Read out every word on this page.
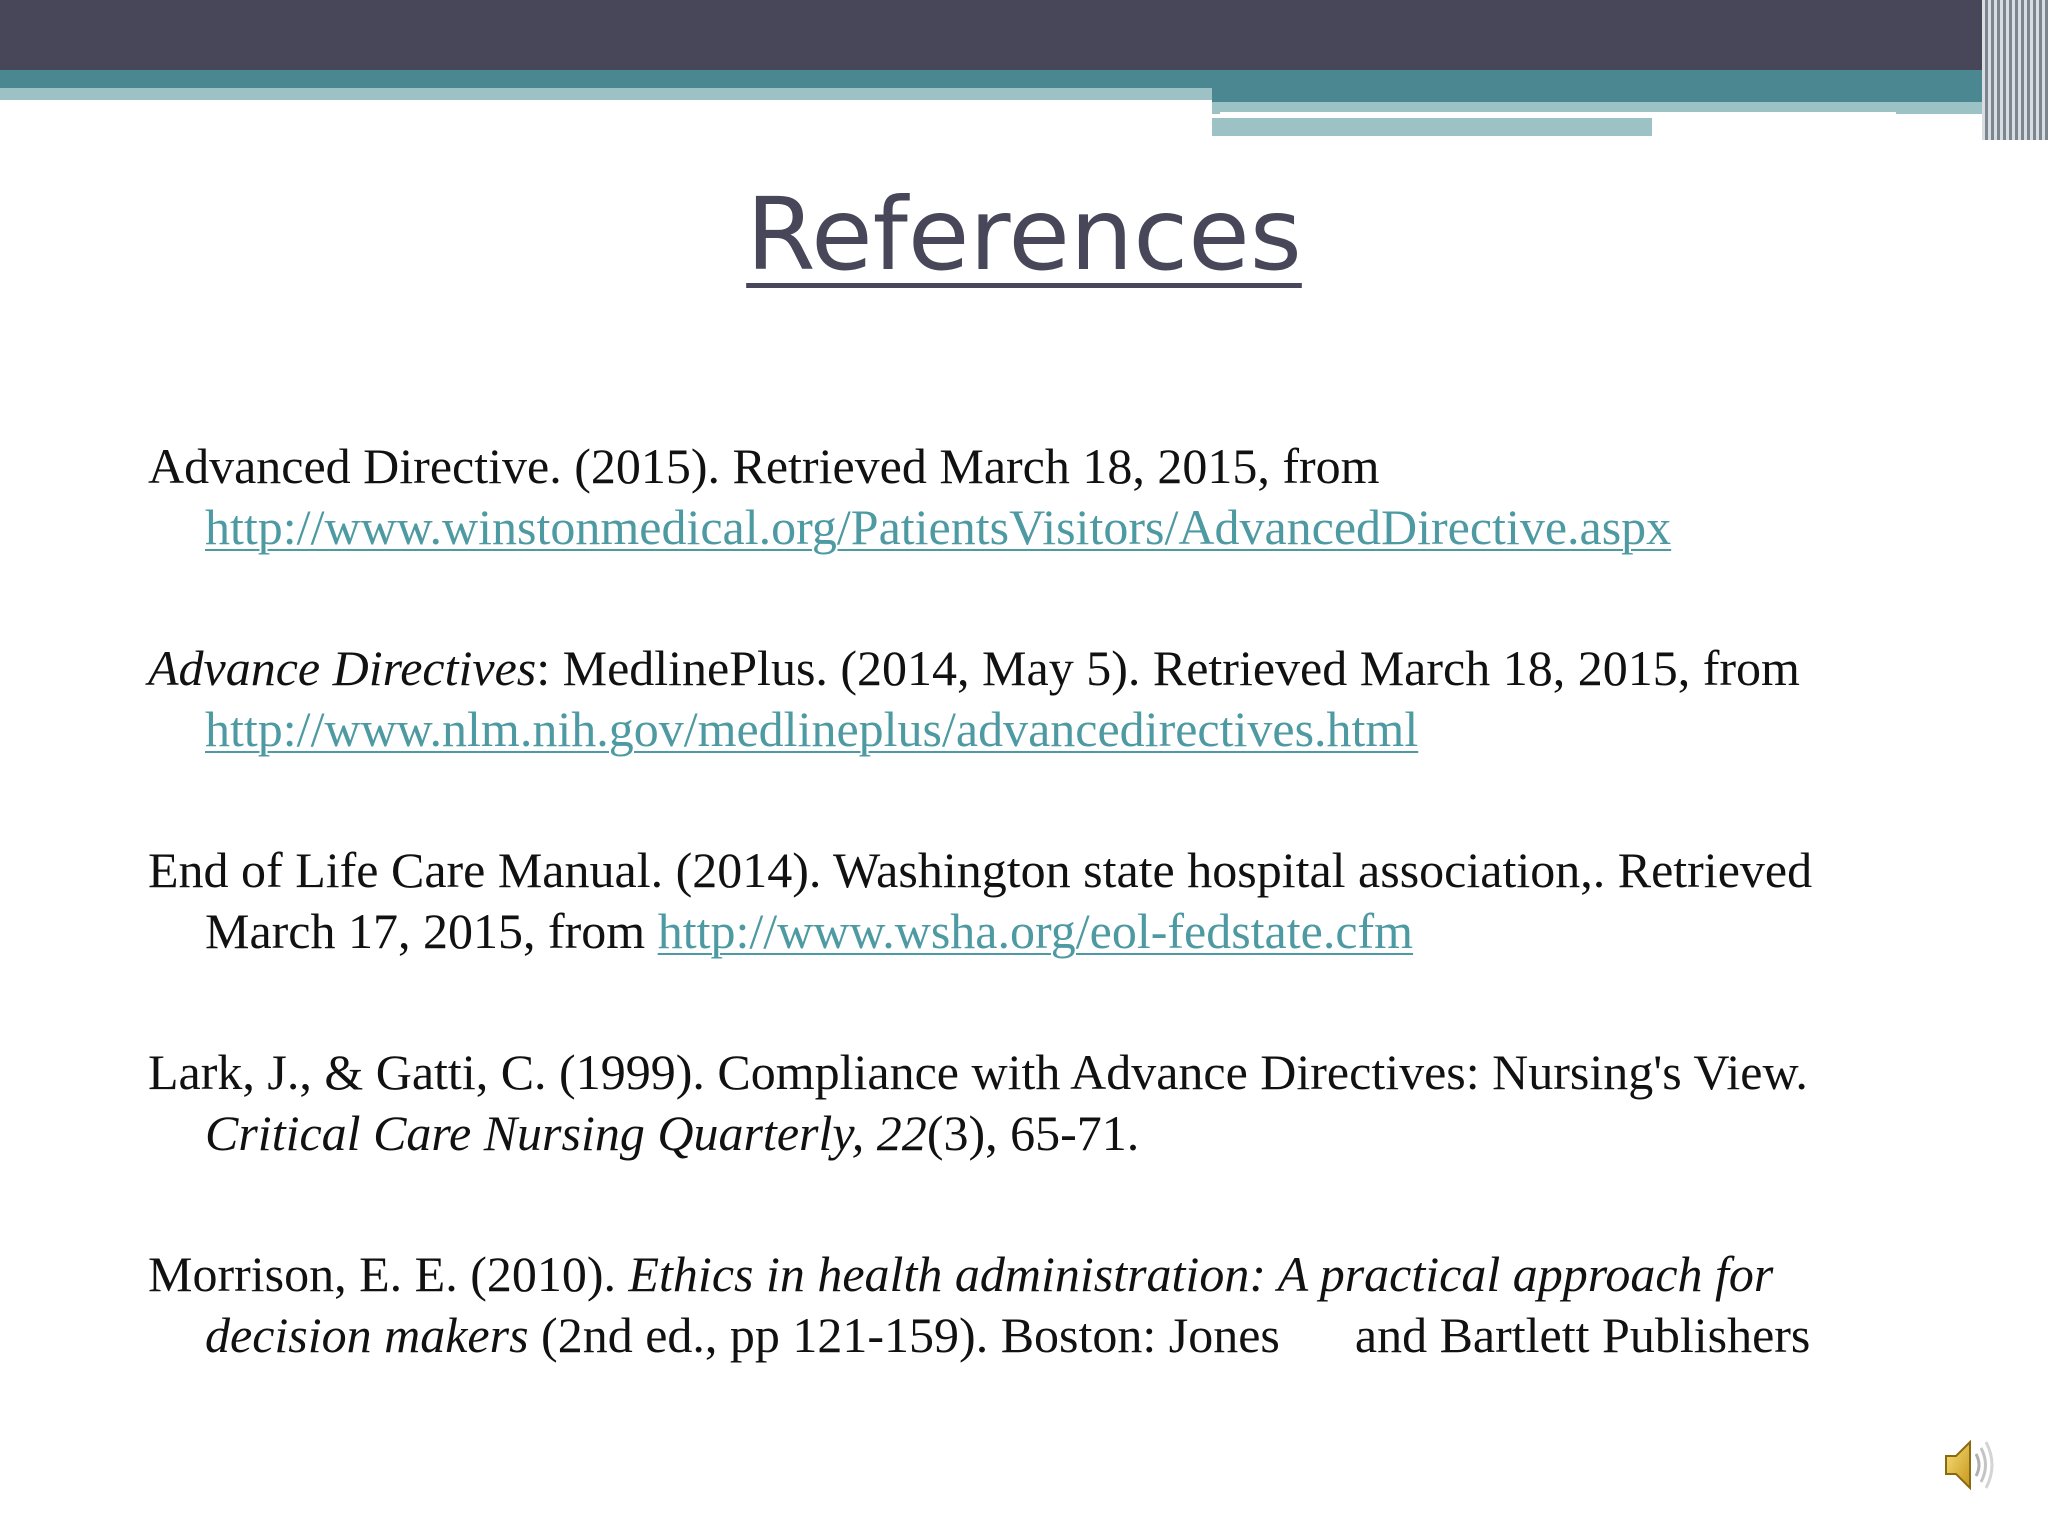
References

Advanced Directive. (2015). Retrieved March 18, 2015, from http://www.winstonmedical.org/PatientsVisitors/AdvancedDirective.aspx

Advance Directives: MedlinePlus. (2014, May 5). Retrieved March 18, 2015, from http://www.nlm.nih.gov/medlineplus/advancedirectives.html

End of Life Care Manual. (2014). Washington state hospital association,. Retrieved March 17, 2015, from http://www.wsha.org/eol-fedstate.cfm

Lark, J., & Gatti, C. (1999). Compliance with Advance Directives: Nursing's View. Critical Care Nursing Quarterly, 22(3), 65-71.

Morrison, E. E. (2010). Ethics in health administration: A practical approach for decision makers (2nd ed., pp 121-159). Boston: Jones      and Bartlett Publishers
